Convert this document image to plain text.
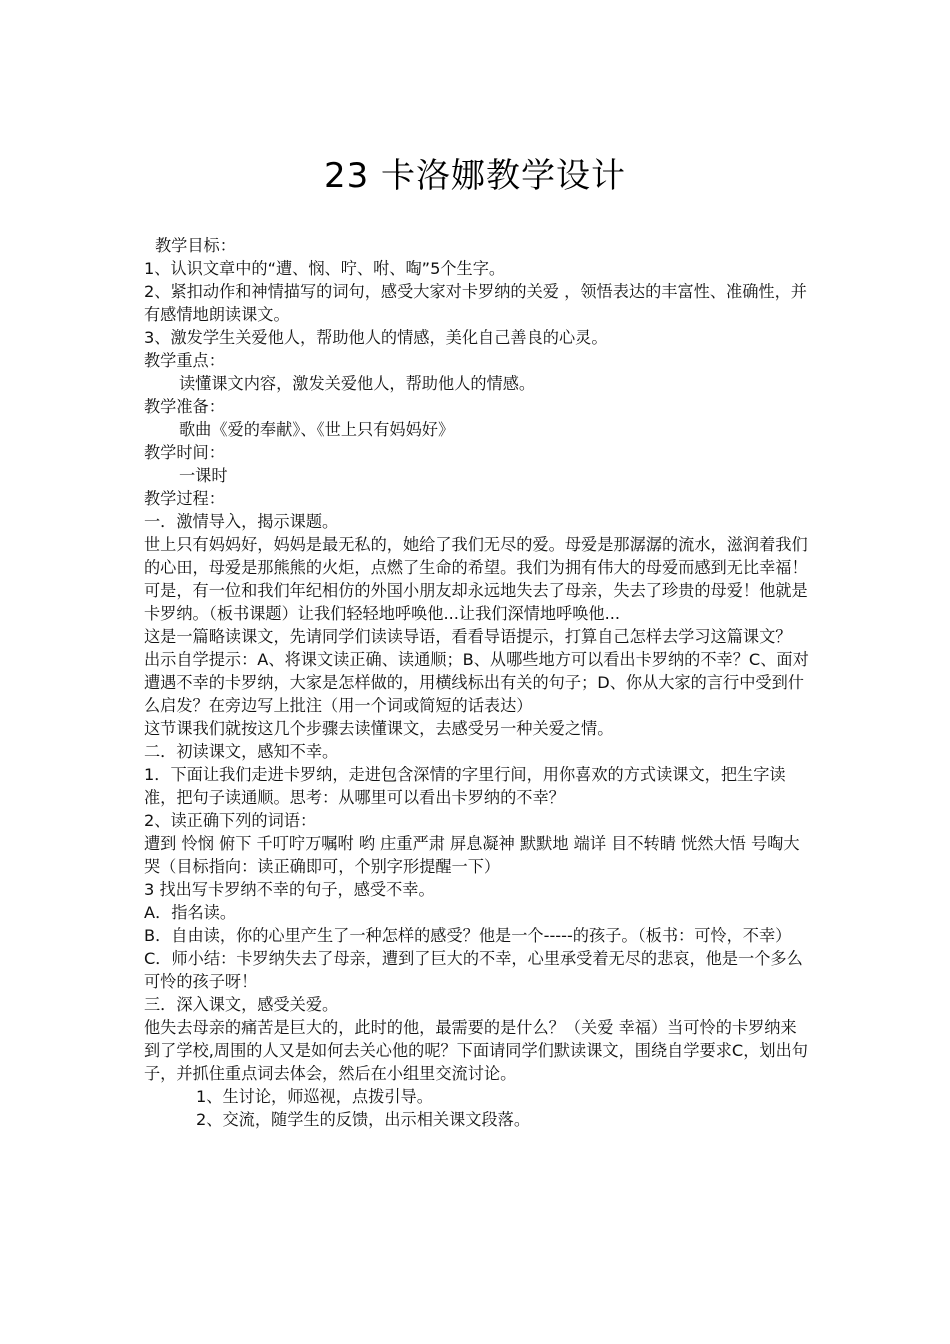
23 卡洛娜教学设计

教学目标：

1、认识文章中的“遭、悯、咛、咐、啕”5个生字。

2、紧扣动作和神情描写的词句，感受大家对卡罗纳的关爱 ，领悟表达的丰富性、准确性，并有感情地朗读课文。

3、激发学生关爱他人，帮助他人的情感，美化自己善良的心灵。

教学重点：

读懂课文内容，激发关爱他人，帮助他人的情感。

教学准备：

歌曲《爱的奉献》、《世上只有妈妈好》

教学时间：

一课时

教学过程：

一．激情导入，揭示课题。

世上只有妈妈好，妈妈是最无私的，她给了我们无尽的爱。母爱是那潺潺的流水，滋润着我们的心田，母爱是那熊熊的火炬，点燃了生命的希望。我们为拥有伟大的母爱而感到无比幸福！可是，有一位和我们年纪相仿的外国小朋友却永远地失去了母亲，失去了珍贵的母爱！他就是卡罗纳。（板书课题）让我们轻轻地呼唤他...让我们深情地呼唤他...

这是一篇略读课文，先请同学们读读导语，看看导语提示，打算自己怎样去学习这篇课文？

出示自学提示：A、将课文读正确、读通顺；B、从哪些地方可以看出卡罗纳的不幸？C、面对遭遇不幸的卡罗纳，大家是怎样做的，用横线标出有关的句子；D、你从大家的言行中受到什么启发？在旁边写上批注（用一个词或简短的话表达）

这节课我们就按这几个步骤去读懂课文，去感受另一种关爱之情。

二．初读课文，感知不幸。

1．下面让我们走进卡罗纳，走进包含深情的字里行间，用你喜欢的方式读课文，把生字读准，把句子读通顺。思考：从哪里可以看出卡罗纳的不幸？

2、读正确下列的词语：

遭到 怜悯 俯下 千叮咛万嘱咐 哟 庄重严肃 屏息凝神 默默地 端详 目不转睛 恍然大悟 号啕大哭（目标指向：读正确即可，个别字形提醒一下）

3 找出写卡罗纳不幸的句子，感受不幸。

A．指名读。

B．自由读，你的心里产生了一种怎样的感受？他是一个-----的孩子。（板书：可怜，不幸）

C．师小结：卡罗纳失去了母亲，遭到了巨大的不幸，心里承受着无尽的悲哀，他是一个多么可怜的孩子呀！

三．深入课文，感受关爱。

他失去母亲的痛苦是巨大的，此时的他，最需要的是什么？（关爱 幸福）当可怜的卡罗纳来到了学校,周围的人又是如何去关心他的呢？下面请同学们默读课文，围绕自学要求C，划出句子，并抓住重点词去体会，然后在小组里交流讨论。

1、生讨论，师巡视，点拨引导。

2、交流，随学生的反馈，出示相关课文段落。
